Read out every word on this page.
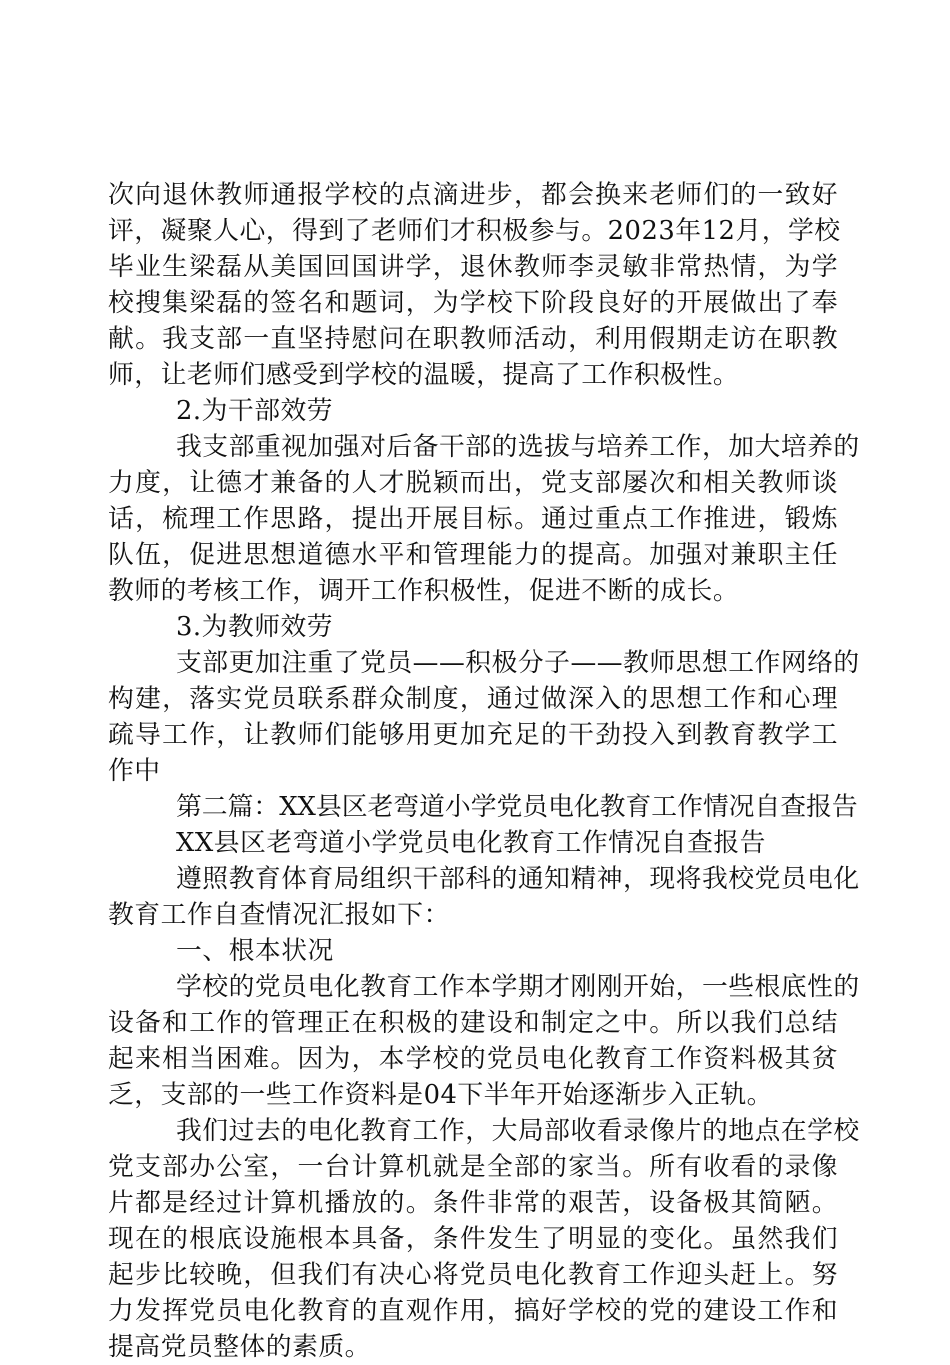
次向退休教师通报学校的点滴进步，都会换来老师们的一致好
评，凝聚人心，得到了老师们才积极参与。2023年12月，学校
毕业生梁磊从美国回国讲学，退休教师李灵敏非常热情，为学
校搜集梁磊的签名和题词，为学校下阶段良好的开展做出了奉
献。我支部一直坚持慰问在职教师活动，利用假期走访在职教
师，让老师们感受到学校的温暖，提高了工作积极性。
2.为干部效劳
我支部重视加强对后备干部的选拔与培养工作，加大培养的
力度，让德才兼备的人才脱颖而出，党支部屡次和相关教师谈
话，梳理工作思路，提出开展目标。通过重点工作推进，锻炼
队伍，促进思想道德水平和管理能力的提高。加强对兼职主任
教师的考核工作，调开工作积极性，促进不断的成长。
3.为教师效劳
支部更加注重了党员——积极分子——教师思想工作网络的
构建，落实党员联系群众制度，通过做深入的思想工作和心理
疏导工作，让教师们能够用更加充足的干劲投入到教育教学工
作中
第二篇：XX县区老弯道小学党员电化教育工作情况自查报告
XX县区老弯道小学党员电化教育工作情况自查报告
遵照教育体育局组织干部科的通知精神，现将我校党员电化
教育工作自查情况汇报如下：
一、根本状况
学校的党员电化教育工作本学期才刚刚开始，一些根底性的
设备和工作的管理正在积极的建设和制定之中。所以我们总结
起来相当困难。因为，本学校的党员电化教育工作资料极其贫
乏，支部的一些工作资料是04下半年开始逐渐步入正轨。
我们过去的电化教育工作，大局部收看录像片的地点在学校
党支部办公室，一台计算机就是全部的家当。所有收看的录像
片都是经过计算机播放的。条件非常的艰苦，设备极其简陋。
现在的根底设施根本具备，条件发生了明显的变化。虽然我们
起步比较晚，但我们有决心将党员电化教育工作迎头赶上。努
力发挥党员电化教育的直观作用，搞好学校的党的建设工作和
提高党员整体的素质。
